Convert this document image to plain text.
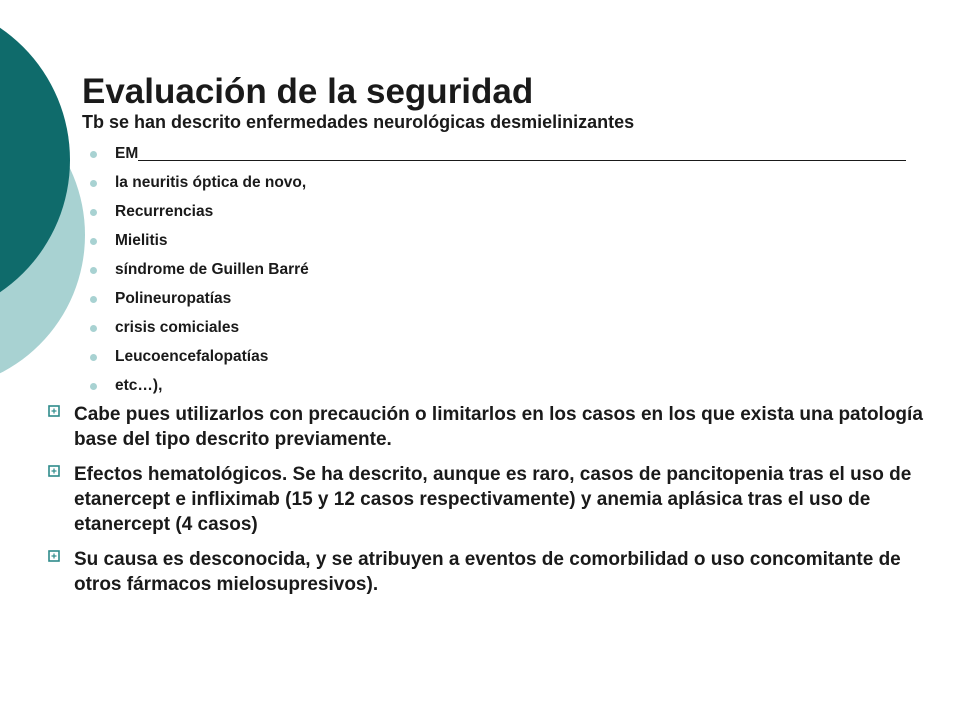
Evaluación de la seguridad
Tb se han descrito enfermedades neurológicas desmielinizantes
EM
la neuritis óptica de novo,
Recurrencias
Mielitis
síndrome de Guillen Barré
Polineuropatías
crisis comiciales
Leucoencefalopatías
etc…),
Cabe pues utilizarlos con precaución o limitarlos en los casos en los que exista una patología base del tipo descrito previamente.
Efectos hematológicos. Se ha descrito, aunque es raro, casos de pancitopenia tras el uso de etanercept e infliximab (15 y 12 casos respectivamente) y anemia aplásica tras el uso de etanercept (4 casos)
Su causa es desconocida, y se atribuyen a eventos de comorbilidad o uso concomitante de otros fármacos mielosupresivos).
